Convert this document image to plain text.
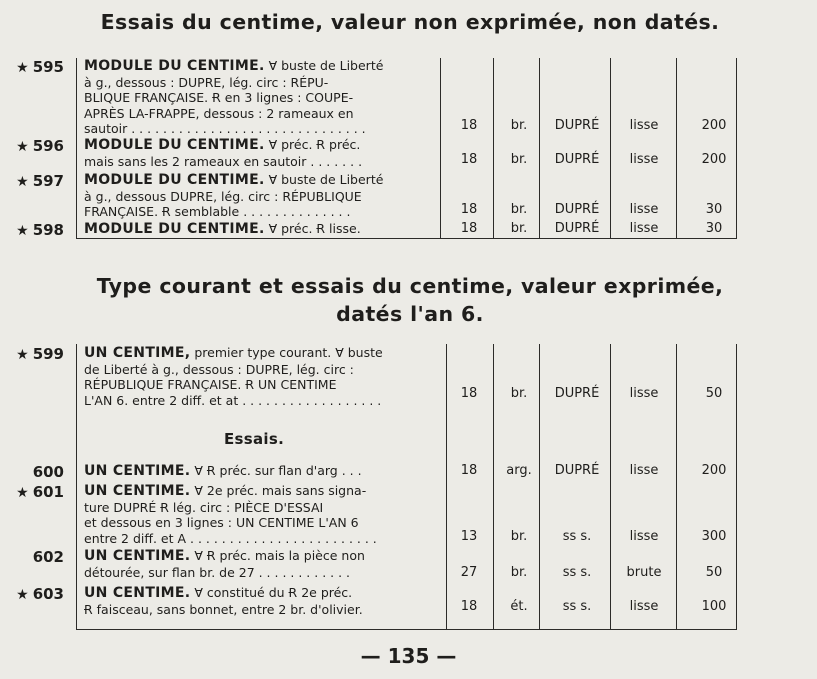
Essais du centime, valeur non exprimée, non datés.
★ 595 MODULE DU CENTIME. Ɐ buste de Liberté
à g., dessous : DUPRE, lég. circ : RÉPU-
BLIQUE FRANÇAISE. Ɍ en 3 lignes : COUPE-
APRÈS LA-FRAPPE, dessous : 2 rameaux en
sautoir . . . . . . . . . . . . . . . . . . . . . . . . . . . . . .	18	br.	DUPRÉ	lisse	200
★ 596 MODULE DU CENTIME. Ɐ préc. Ɍ préc.
mais sans les 2 rameaux en sautoir . . . . . . .	18	br.	DUPRÉ	lisse	200
★ 597 MODULE DU CENTIME. Ɐ buste de Liberté
à g., dessous DUPRE, lég. circ : RÉPUBLIQUE
FRANÇAISE. Ɍ semblable . . . . . . . . . . . . . .	18	br.	DUPRÉ	lisse	30
★ 598 MODULE DU CENTIME. Ɐ préc. Ɍ lisse.	18	br.	DUPRÉ	lisse	30
Type courant et essais du centime, valeur exprimée,
datés l'an 6.
★ 599 UN CENTIME, premier type courant. Ɐ buste
de Liberté à g., dessous : DUPRE, lég. circ :
RÉPUBLIQUE FRANÇAISE. Ɍ UN CENTIME
L'AN 6. entre 2 diff. et at . . . . . . . . . . . . . . . . . .	18	br.	DUPRÉ	lisse	50
Essais.
600 UN CENTIME. Ɐ Ɍ préc. sur flan d'arg . . .	18	arg.	DUPRÉ	lisse	200
★ 601 UN CENTIME. Ɐ 2e préc. mais sans signa-
ture DUPRÉ Ɍ lég. circ : PIÈCE D'ESSAI
et dessous en 3 lignes : UN CENTIME L'AN 6
entre 2 diff. et A . . . . . . . . . . . . . . . . . . . . . . . .	13	br.	ss s.	lisse	300
602 UN CENTIME. Ɐ Ɍ préc. mais la pièce non
détourée, sur flan br. de 27 . . . . . . . . . . . .	27	br.	ss s.	brute	50
★ 603 UN CENTIME. Ɐ constitué du Ɍ 2e préc.
Ɍ faisceau, sans bonnet, entre 2 br. d'olivier.	18	ét.	ss s.	lisse	100
— 135 —
